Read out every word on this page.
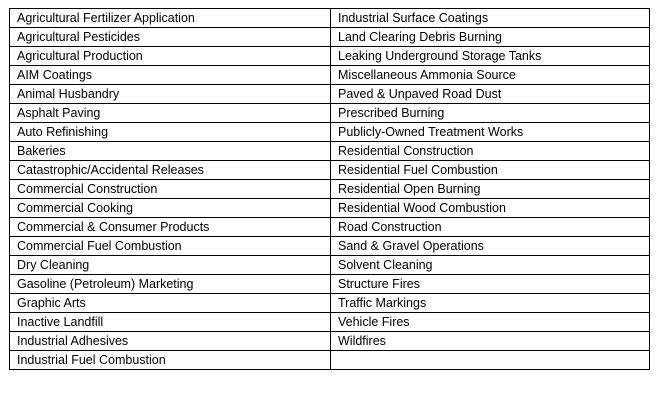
Agricultural Fertilizer Application	Industrial Surface Coatings
Agricultural Pesticides	Land Clearing Debris Burning
Agricultural Production	Leaking Underground Storage Tanks
AIM Coatings	Miscellaneous Ammonia Source
Animal Husbandry	Paved & Unpaved Road Dust
Asphalt Paving	Prescribed Burning
Auto Refinishing	Publicly-Owned Treatment Works
Bakeries	Residential Construction
Catastrophic/Accidental Releases	Residential Fuel Combustion
Commercial Construction	Residential Open Burning
Commercial Cooking	Residential Wood Combustion
Commercial & Consumer Products	Road Construction
Commercial Fuel Combustion	Sand & Gravel Operations
Dry Cleaning	Solvent Cleaning
Gasoline (Petroleum) Marketing	Structure Fires
Graphic Arts	Traffic Markings
Inactive Landfill	Vehicle Fires
Industrial Adhesives	Wildfires
Industrial Fuel Combustion	
